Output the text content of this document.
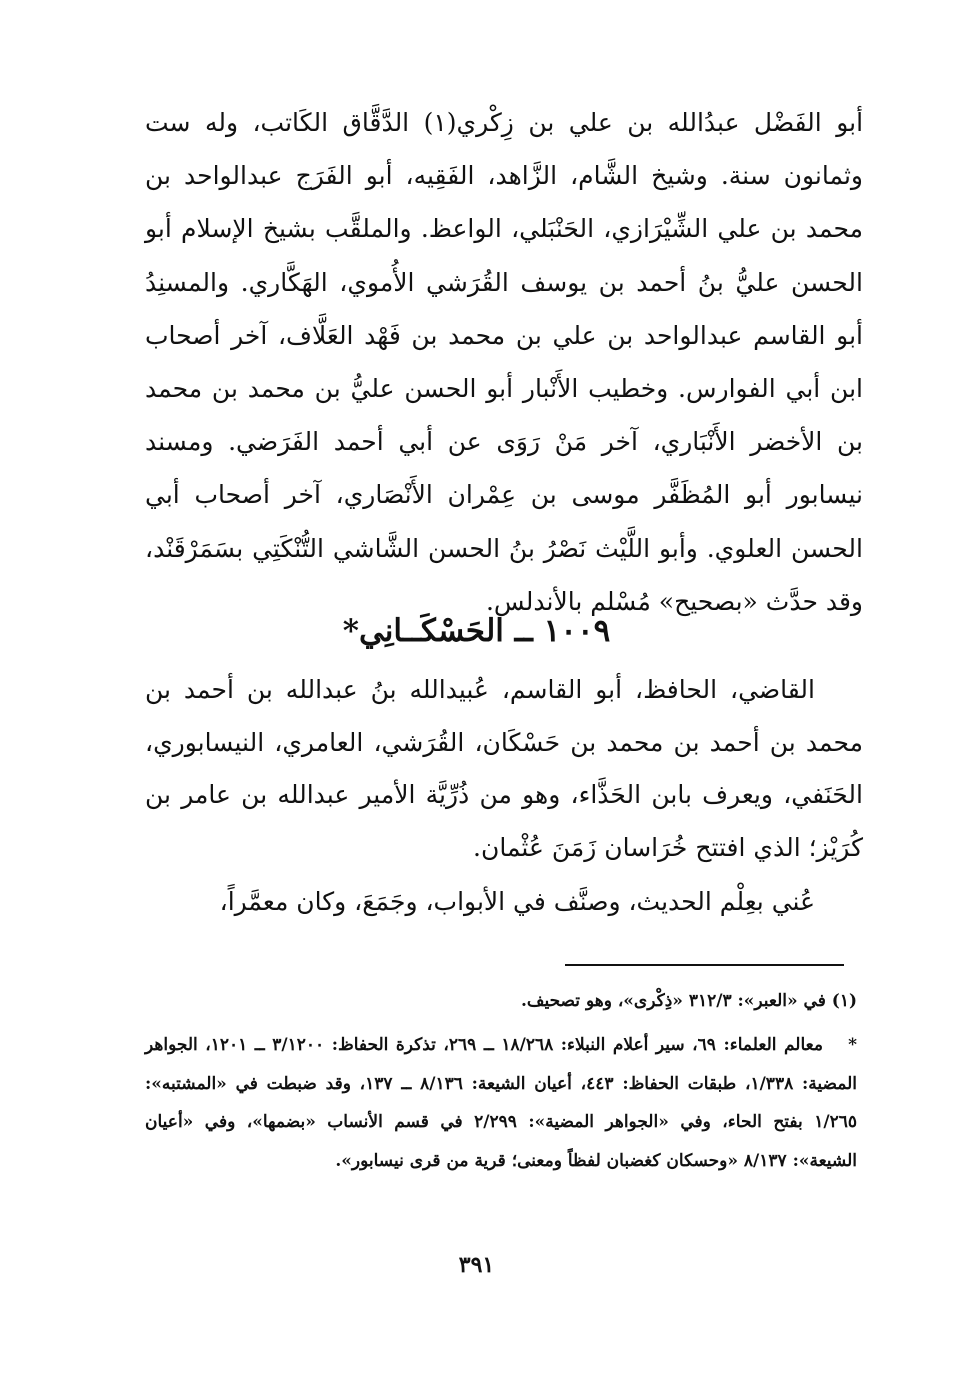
أبو الفَضْل عبدُالله بن علي بن زِكْري(١) الدَّقَّاق الكَاتب، وله ست وثمانون سنة. وشيخ الشَّام، الزَّاهد، الفَقِيه، أبو الفَرَج عبدالواحد بن محمد بن علي الشِّيْرَازي، الحَنْبَلي، الواعظ. والملقَّب بشيخ الإسلام أبو الحسن عليُّ بنُ أحمد بن يوسف القُرَشي الأُموي، الهَكَّاري. والمسنِدُ أبو القاسم عبدالواحد بن علي بن محمد بن فَهْد العَلَّاف، آخر أصحاب ابن أبي الفوارس. وخطيب الأَنْبار أبو الحسن عليُّ بن محمد بن محمد بن الأخضر الأَنْبَاري، آخر مَنْ رَوَى عن أبي أحمد الفَرَضي. ومسند نيسابور أبو المُظَفَّر موسى بن عِمْران الأَنْصَاري، آخر أصحاب أبي الحسن العلوي. وأبو اللَّيْث نَصْرُ بنُ الحسن الشَّاشي التُّنْكَتِي بسَمَرْقَنْد، وقد حدَّث «بصحيح» مُسْلم بالأندلس.
١٠٠٩ ــ الحَسْكَــانِي*

القاضي، الحافظ، أبو القاسم، عُبيدالله بنُ عبدالله بن أحمد بن محمد بن أحمد بن محمد بن حَسْكَان، القُرَشي، العامري، النيسابوري، الحَنَفي، ويعرف بابن الحَذَّاء، وهو من ذُرِّيَّة الأمير عبدالله بن عامر بن كُرَيْز؛ الذي افتتح خُرَاسان زَمَنَ عُثْمان.

عُني بعِلْم الحديث، وصنَّف في الأبواب، وجَمَعَ، وكان معمَّراً،
(١) في «العبر»: ٣١٢/٣ «ذِكْرى»، وهو تصحيف.
*معالم العلماء: ٦٩، سير أعلام النبلاء: ١٨/٢٦٨ ــ ٢٦٩، تذكرة الحفاظ: ٣/١٢٠٠ ــ ١٢٠١، الجواهر المضية: ١/٣٣٨، طبقات الحفاظ: ٤٤٣، أعيان الشيعة: ٨/١٣٦ ــ ١٣٧، وقد ضبطت في «المشتبه»: ١/٢٦٥ بفتح الحاء، وفي «الجواهر المضية»: ٢/٢٩٩ في قسم الأنساب «بضمها»، وفي «أعيان الشيعة»: ٨/١٣٧ «وحسكان كغضبان لفظاً ومعنى؛ قرية من قرى نيسابور».
٣٩١
